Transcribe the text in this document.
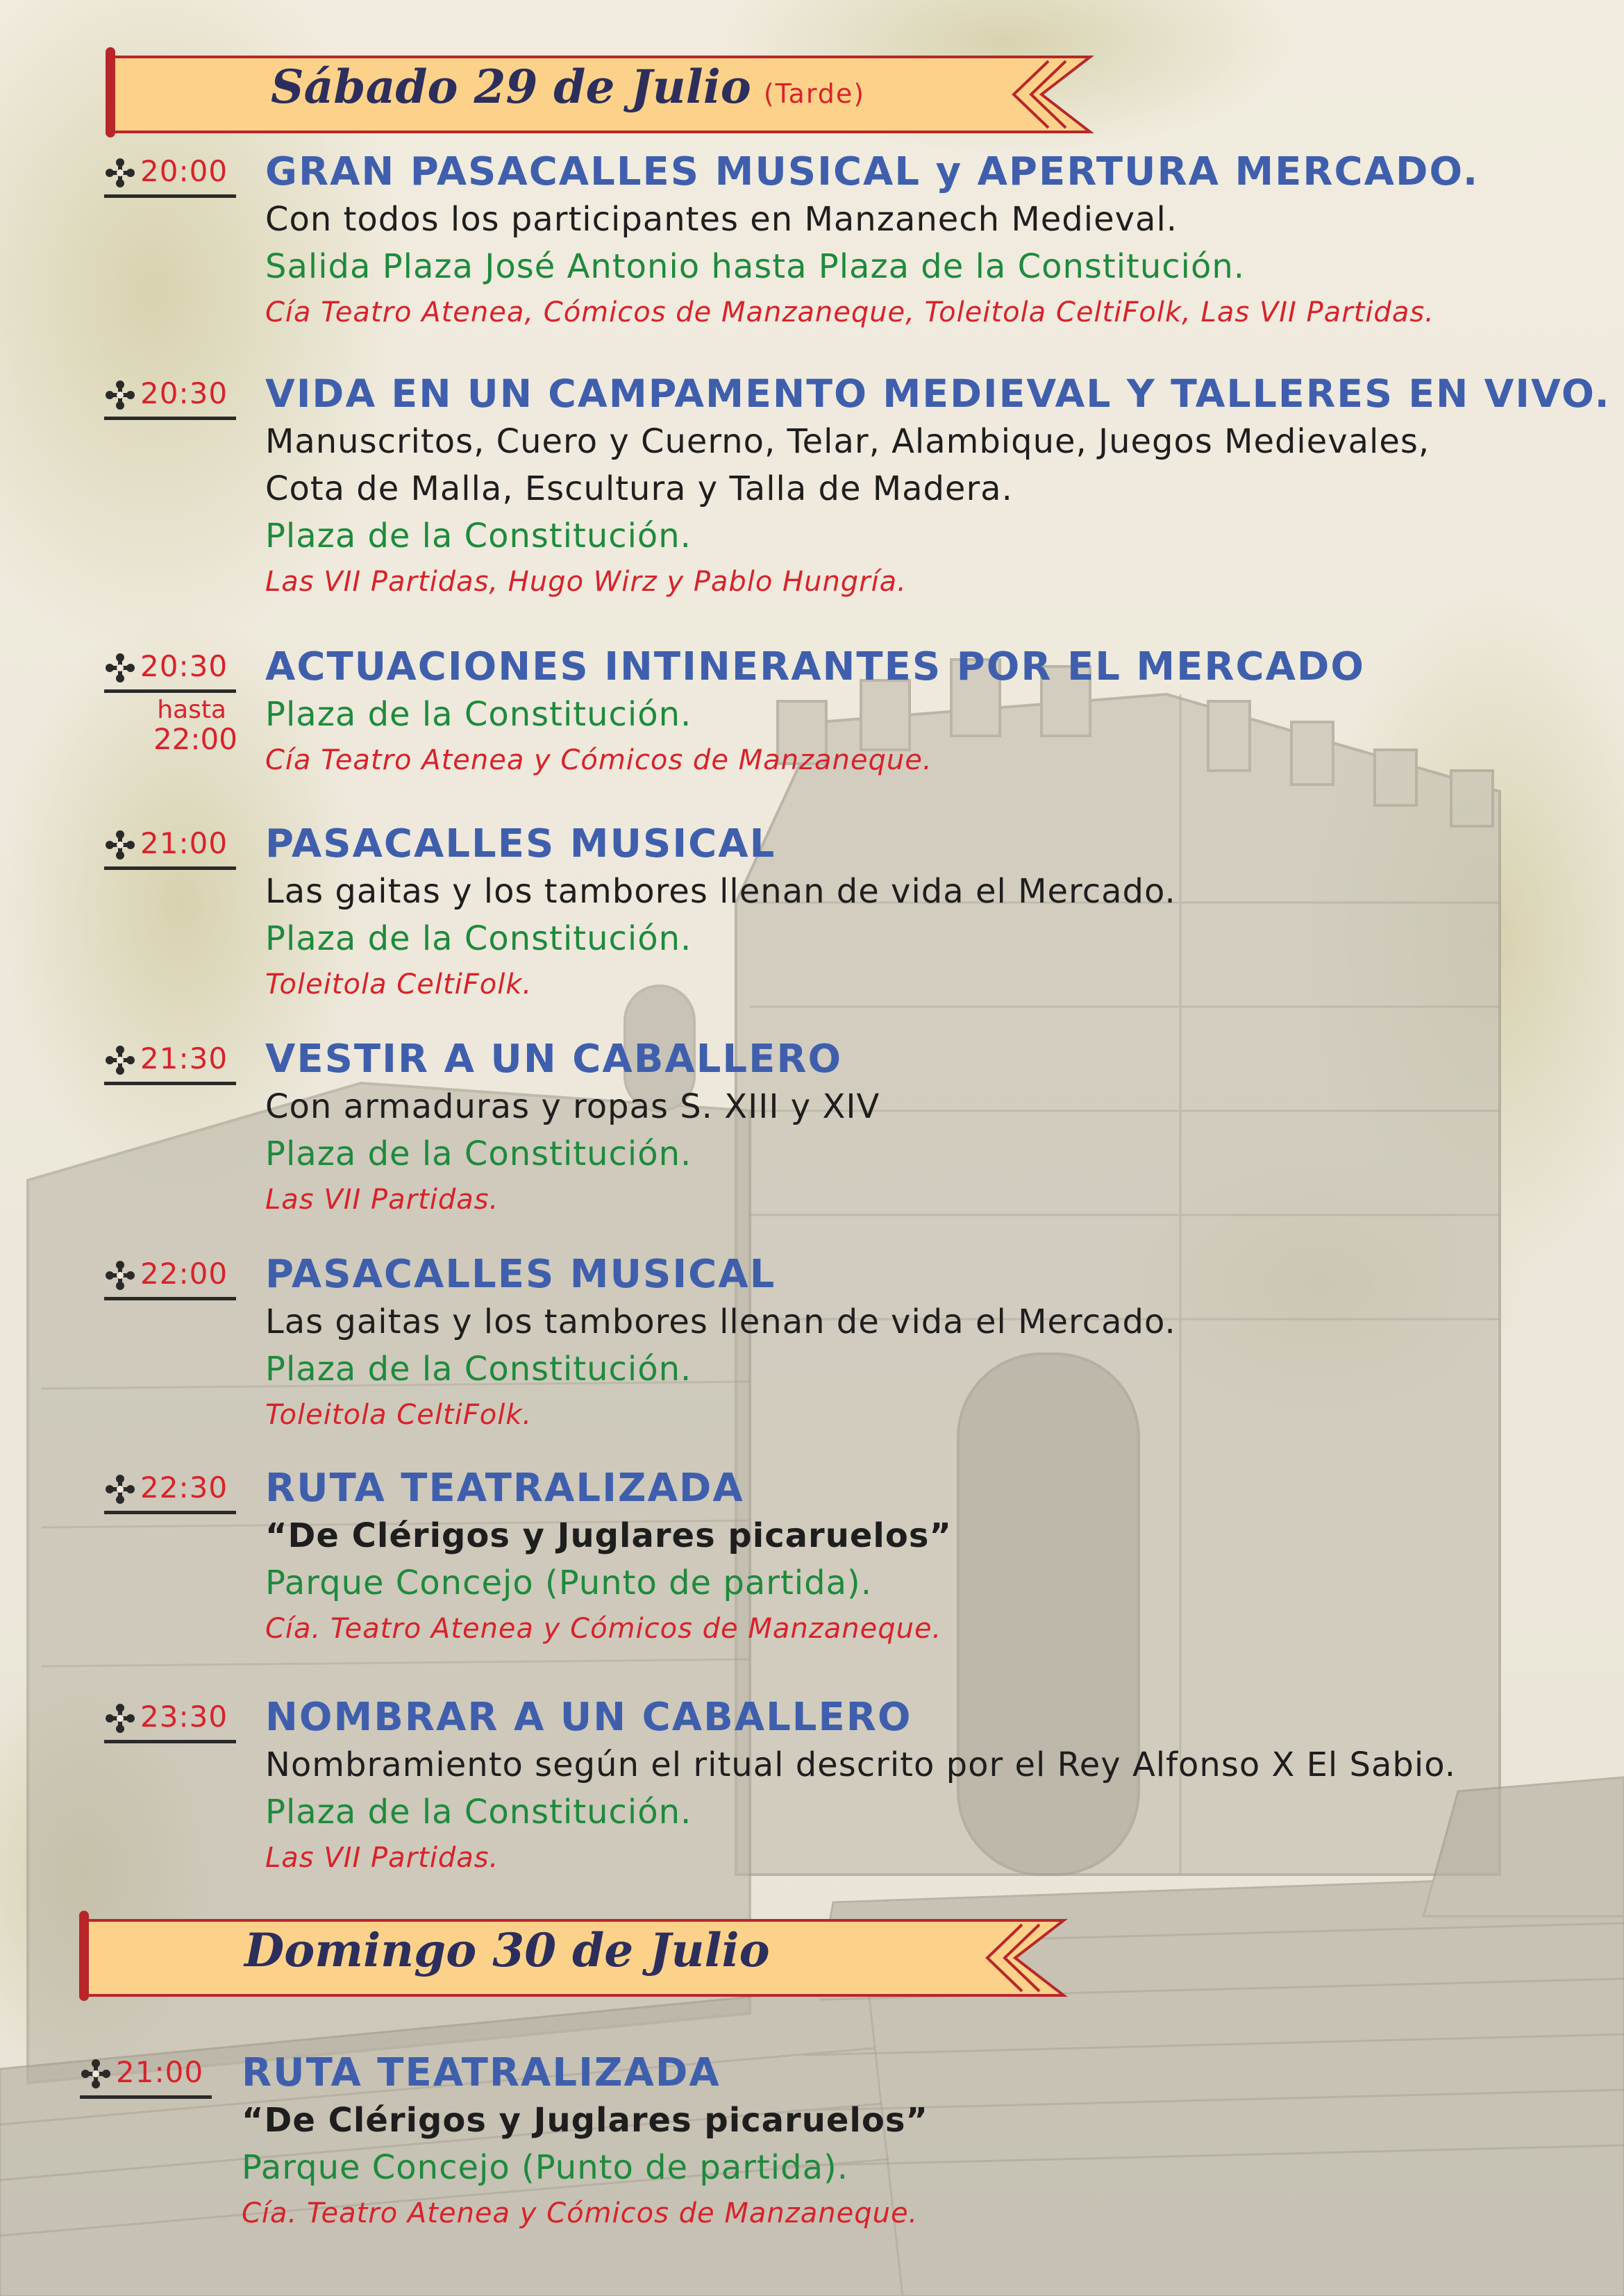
Sábado 29 de Julio (Tarde)
20:00 GRAN PASACALLES MUSICAL y APERTURA MERCADO.
Con todos los participantes en Manzanech Medieval.
Salida Plaza José Antonio hasta Plaza de la Constitución.
Cía Teatro Atenea, Cómicos de Manzaneque, Toleitola CeltiFolk, Las VII Partidas.
20:30 VIDA EN UN CAMPAMENTO MEDIEVAL Y TALLERES EN VIVO.
Manuscritos, Cuero y Cuerno, Telar, Alambique, Juegos Medievales,
Cota de Malla, Escultura y Talla de Madera.
Plaza de la Constitución.
Las VII Partidas, Hugo Wirz y Pablo Hungría.
20:30
hasta
22:00
ACTUACIONES INTINERANTES POR EL MERCADO
Plaza de la Constitución.
Cía Teatro Atenea y Cómicos de Manzaneque.
21:00 PASACALLES MUSICAL
Las gaitas y los tambores llenan de vida el Mercado.
Plaza de la Constitución.
Toleitola CeltiFolk.
21:30 VESTIR A UN CABALLERO
Con armaduras y ropas S. XIII y XIV
Plaza de la Constitución.
Las VII Partidas.
22:00 PASACALLES MUSICAL
Las gaitas y los tambores llenan de vida el Mercado.
Plaza de la Constitución.
Toleitola CeltiFolk.
22:30 RUTA TEATRALIZADA
“De Clérigos y Juglares picaruelos”
Parque Concejo (Punto de partida).
Cía. Teatro Atenea y Cómicos de Manzaneque.
23:30 NOMBRAR A UN CABALLERO
Nombramiento según el ritual descrito por el Rey Alfonso X El Sabio.
Plaza de la Constitución.
Las VII Partidas.
Domingo 30 de Julio
21:00 RUTA TEATRALIZADA
“De Clérigos y Juglares picaruelos”
Parque Concejo (Punto de partida).
Cía. Teatro Atenea y Cómicos de Manzaneque.
